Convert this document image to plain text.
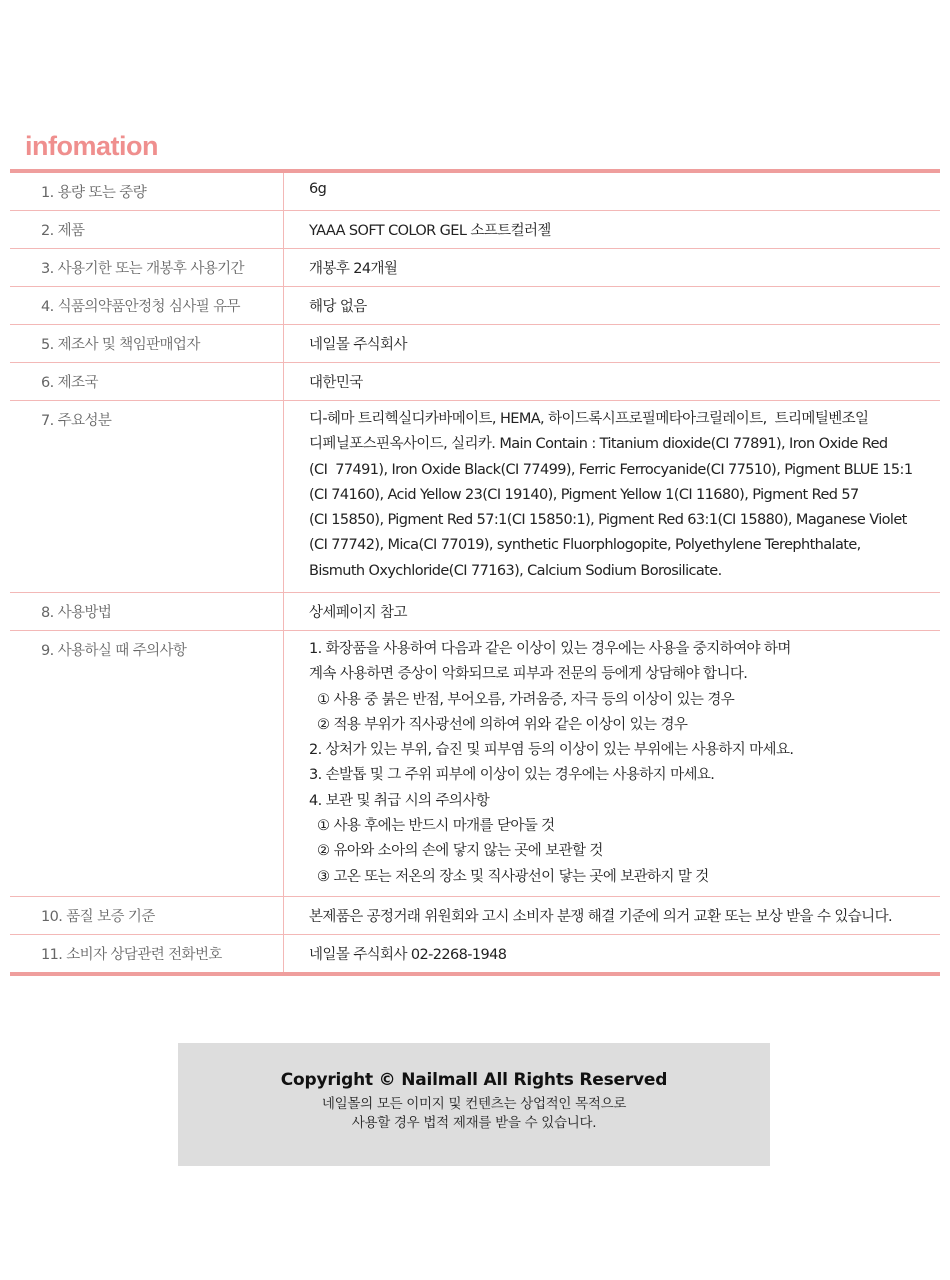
infomation
1. 용량 또는 중량	6g
2. 제품	YAAA SOFT COLOR GEL 소프트컬러젤
3. 사용기한 또는 개봉후 사용기간	개봉후 24개월
4. 식품의약품안정청 심사필 유무	해당 없음
5. 제조사 및 책임판매업자	네일몰 주식회사
6. 제조국	대한민국
7. 주요성분	디-헤마 트리헥실디카바메이트, HEMA, 하이드록시프로필메타아크릴레이트,  트리메틸벤조일
디페닐포스핀옥사이드, 실리카. Main Contain : Titanium dioxide(CI 77891), Iron Oxide Red
(CI  77491), Iron Oxide Black(CI 77499), Ferric Ferrocyanide(CI 77510), Pigment BLUE 15:1
(CI 74160), Acid Yellow 23(CI 19140), Pigment Yellow 1(CI 11680), Pigment Red 57
(CI 15850), Pigment Red 57:1(CI 15850:1), Pigment Red 63:1(CI 15880), Maganese Violet
(CI 77742), Mica(CI 77019), synthetic Fluorphlogopite, Polyethylene Terephthalate,
Bismuth Oxychloride(CI 77163), Calcium Sodium Borosilicate.
8. 사용방법	상세페이지 참고
9. 사용하실 때 주의사항	1. 화장품을 사용하여 다음과 같은 이상이 있는 경우에는 사용을 중지하여야 하며
계속 사용하면 증상이 악화되므로 피부과 전문의 등에게 상담해야 합니다.
① 사용 중 붉은 반점, 부어오름, 가려움증, 자극 등의 이상이 있는 경우
② 적용 부위가 직사광선에 의하여 위와 같은 이상이 있는 경우
2. 상처가 있는 부위, 습진 및 피부염 등의 이상이 있는 부위에는 사용하지 마세요.
3. 손발톱 및 그 주위 피부에 이상이 있는 경우에는 사용하지 마세요.
4. 보관 및 취급 시의 주의사항
① 사용 후에는 반드시 마개를 닫아둘 것
② 유아와 소아의 손에 닿지 않는 곳에 보관할 것
③ 고온 또는 저온의 장소 및 직사광선이 닿는 곳에 보관하지 말 것
10. 품질 보증 기준	본제품은 공정거래 위원회와 고시 소비자 분쟁 해결 기준에 의거 교환 또는 보상 받을 수 있습니다.
11. 소비자 상담관련 전화번호	네일몰 주식회사 02-2268-1948
Copyright © Nailmall All Rights Reserved
네일몰의 모든 이미지 및 컨텐츠는 상업적인 목적으로
사용할 경우 법적 제재를 받을 수 있습니다.
